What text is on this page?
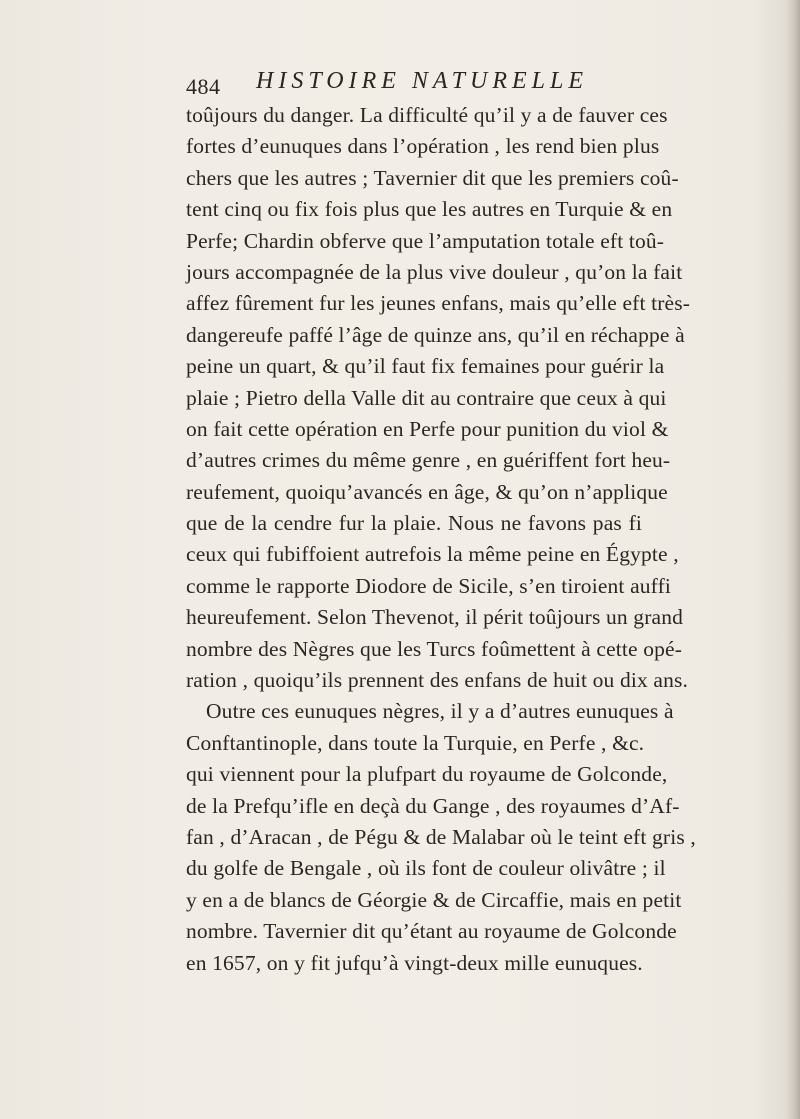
484 HISTOIRE NATURELLE
toûjours du danger. La difficulté qu’il y a de fauver ces
fortes d’eunuques dans l’opération , les rend bien plus
chers que les autres ; Tavernier dit que les premiers coû-
tent cinq ou fix fois plus que les autres en Turquie & en
Perfe; Chardin obferve que l’amputation totale eft toû-
jours accompagnée de la plus vive douleur , qu’on la fait
affez fûrement fur les jeunes enfans, mais qu’elle eft très-
dangereufe paffé l’âge de quinze ans, qu’il en réchappe à
peine un quart, & qu’il faut fix femaines pour guérir la
plaie ; Pietro della Valle dit au contraire que ceux à qui
on fait cette opération en Perfe pour punition du viol &
d’autres crimes du même genre , en guériffent fort heu-
reufement, quoiqu’avancés en âge, & qu’on n’applique
que de la cendre fur la plaie. Nous ne favons pas fi
ceux qui fubiffoient autrefois la même peine en Égypte ,
comme le rapporte Diodore de Sicile, s’en tiroient auffi
heureufement. Selon Thevenot, il périt toûjours un grand
nombre des Nègres que les Turcs foûmettent à cette opé-
ration , quoiqu’ils prennent des enfans de huit ou dix ans.
Outre ces eunuques nègres, il y a d’autres eunuques à
Conftantinople, dans toute la Turquie, en Perfe , &c.
qui viennent pour la plufpart du royaume de Golconde,
de la Prefqu’ifle en deçà du Gange , des royaumes d’Af-
fan , d’Aracan , de Pégu & de Malabar où le teint eft gris ,
du golfe de Bengale , où ils font de couleur olivâtre ; il
y en a de blancs de Géorgie & de Circaffie, mais en petit
nombre. Tavernier dit qu’étant au royaume de Golconde
en 1657, on y fit jufqu’à vingt-deux mille eunuques.
